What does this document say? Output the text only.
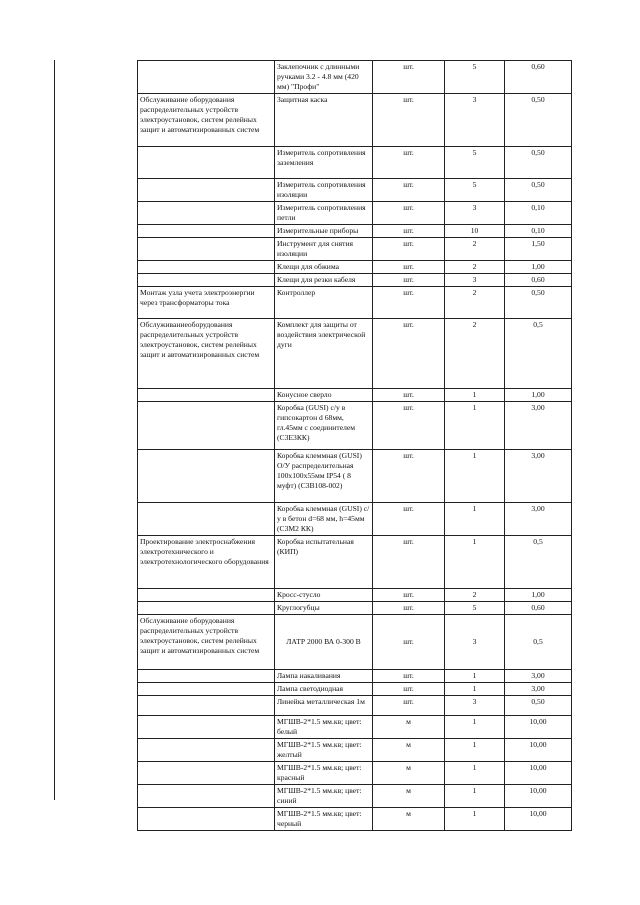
	Заклепочник с длинными ручками 3.2 - 4.8 мм (420 мм) "Профи"	шт.	5	0,60
Обслуживание оборудования распределительных устройств электроустановок, систем релейных защит и автоматизированных систем	Защитная каска	шт.	3	0,50
	Измеритель сопротивления заземления	шт.	5	0,50
	Измеритель сопротивления изоляции	шт.	5	0,50
	Измеритель сопротивления петли	шт.	3	0,10
	Измерительные приборы	шт.	10	0,10
	Инструмент для снятия изоляции	шт.	2	1,50
	Клещи для обжима	шт.	2	1,00
	Клещи для резки кабеля	шт.	3	0,60
Монтаж узла учета электроэнергии через трансформаторы тока	Контроллер	шт.	2	0,50
Обслуживаниеоборудования распределительных устройств электроустановок, систем релейных защит и автоматизированных систем	Комплект для защиты от воздействия электрической дуги	шт.	2	0,5
	Конусное сверло	шт.	1	1,00
	Коробка (GUSI) с/у в гипсокартон d 68мм, гл.45мм с соединителем (С3Е3КК)	шт.	1	3,00
	Коробка клеммная (GUSI) О/У распределительная 100х100х55мм IP54 ( 8 муфт) (С3В108-002)	шт.	1	3,00
	Коробка клеммная (GUSI) с/у в бетон d=68 мм, h=45мм (С3М2 КК)	шт.	1	3,00
Проектирование электроснабжения электротехнического и электротехнологического оборудования	Коробка испытательная (КИП)	шт.	1	0,5
	Кросс-стусло	шт.	2	1,00
	Круглогубцы	шт.	5	0,60
Обслуживание оборудования распределительных устройств электроустановок, систем релейных защит и автоматизированных систем	ЛАТР 2000 ВА 0-300 В	шт.	3	0,5
	Лампа накаливания	шт.	1	3,00
	Лампа светодиодная	шт.	1	3,00
	Линейка металлическая 1м	шт.	3	0,50
	МГШВ-2*1.5 мм.кв; цвет: белый	м	1	10,00
	МГШВ-2*1.5 мм.кв; цвет: желтый	м	1	10,00
	МГШВ-2*1.5 мм.кв; цвет: красный	м	1	10,00
	МГШВ-2*1.5 мм.кв; цвет: синий	м	1	10,00
	МГШВ-2*1.5 мм.кв; цвет: черный	м	1	10,00
